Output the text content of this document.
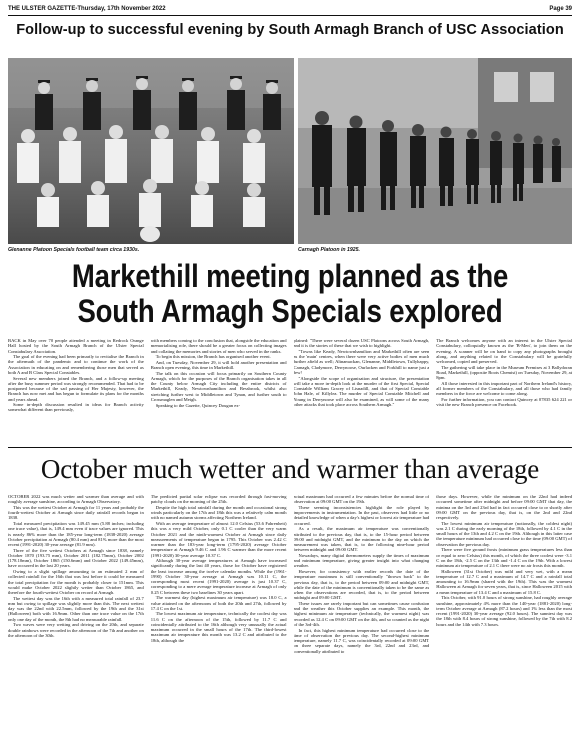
THE ULSTER GAZETTE-Thursday, 17th November 2022	Page 39
Follow-up to successful evening by South Armagh Branch of USC Association
Glenanne Platoon Specials football team circa 1930s.	Carnagh Platoon in 1925.
Markethill meeting planned as the
South Armagh Specials explored

BACK in May over 70 people attended a meeting in Redrock Orange Hall hosted by the South Armagh Branch of the Ulster Special Constabulary Association.

The goal of the evening had been primarily to revitalise the Branch in the aftermath of the pandemic and to continue the work of the Association in educating on and remembering those men that served as both A and B Class Special Constables.

Several new members joined the Branch, and a follow-up meeting after the busy summer period was strongly recommended. That had to be postponed because of the sad passing of Her Majesty, however, the Branch has now met and has begun to formulate its plans for the months and years ahead.

Some in-depth discussion resulted in ideas for Branch activity somewhat different than previously,

with members coming to the conclusion that, alongside the education and memorialising role, there should be a greater focus on collecting images and collating the memories and stories of men who served in the ranks.

To begin this mission, the Branch has organised another event.

And, on Tuesday, November 29, it will hold another presentation and Branch open evening, this time in Markethill.

The talk on this occasion will focus primarily on Southern County Armagh, which for the purposes of the Branch organisation takes in all the County below Armagh City including the entire districts of Markethill, Keady, Newtownhamilton and Bessbrook, whilst also stretching further west to Middletown and Tynan, and further south to Crossmaglen and Meigh.

Speaking to the Gazette, Quincey Dougan ex-

plained: "There were several dozen USC Platoons across South Armagh, and it is the stories of these that we wish to highlight.

"Towns like Keady, Newtownhamilton and Markethill often are seen as the 'main' centres, when there were very active bodies of men much further afield as well; Altnamackan, Glenanne, Middletown, Tullyhappy, Carnagh, Cladymore, Derrynoose, Ourlacken and Forkhill to name just a few!

"Alongside the scope of organisation and structure, the presentation will take a more in-depth look at the murder of the first Special, Special Constable William Gracey of Lisnadill, and that of Special Constable John Hale, of Killylea. The murder of Special Constable Mitchell and Young in Derrynoose will also be examined, as will some of the many other attacks that took place across Southern Armagh."

The Branch welcomes anyone with an interest in the Ulster Special Constabulary, colloquially known as the 'B-Men', to join them on the evening. A scanner will be on hand to copy any photographs brought along, and anything related to the Constabulary will be gratefully welcomed, copied and preserved.

The gathering will take place in the Museum Premises at 3 Ballydoran Road, Markethill, (opposite Boots Chemist) on Tuesday, November 29, at 8pm.

All those interested in this important part of Northern Ireland's history, all former members of the Constabulary, and all those who had family members in the force are welcome to come along.

For further information, you can contact Quincey at 07835 624 221 or visit the new Branch presence on Facebook.

October much wetter and warmer than average

OCTOBER 2022 was much wetter and warmer than average and with roughly average sunshine, according to Armagh Observatory.

This was the wettest October at Armagh for 11 years and probably the fourth-wettest October at Armagh since daily rainfall records began in 1838.

Total measured precipitation was 149.45 mm (5.88 inches; including one trace value), that is, 149.4 mm even if trace values are ignored. This is nearly 86% more than the 185-year long-term (1838-2020) average October precipitation at Armagh (80.4 mm) and 81% more than the most recent (1991-2020) 30-year average (81.9 mm).

Three of the five wettest Octobers at Armagh since 1838, namely October 1870 (193.75 mm), October 2011 (182.75mm), October 2002 (178.10mm), October 1865 (150.6mm) and October 2022 (149.45mm), have occurred in the last 20 years.

Owing to a slight spillage amounting to an estimated 2 mm of collected rainfall for the 16th that was lost before it could be measured the total precipitation for the month is probably closer to 151mm. This would make October 2022 slightly wetter than October 1865, and therefore the fourth-wettest October on record at Armagh.

The wettest day was the 16th with a measured total rainfall of 23.7 mm but owing to spillage was slightly more than this. The next wettest day was the 22nd with 22.5mm, followed by the 19th and the 31st (Halloween) both with 16.9mm. Other than one trace value on the 17th only one day of the month, the 8th had no measurable rainfall.

Two waves were very wetting and driving on the 20th, and separate double rainbows were recorded in the afternoon of the 7th and another on the afternoon of the 30th.

The predicted partial solar eclipse was recorded through fast-moving patchy clouds on the morning of the 25th.

Despite the high total rainfall during the month and occasional strong winds particularly on the 17th and 18th this was a relatively calm month with no named autumn storms affecting Northern Ireland.

With an average temperature of almost 12.0 Celsius (53.6 Fahrenheit) this was a very mild October, only 0.1 C cooler than the very warm October 2021 and the ninth-warmest October at Armagh since daily measurements of temperature began in 1795. This October was 2.42 C warmer than the 183-year long-term (1795-2020) average October temperature at Armagh 9.46 C and 1.96 C warmer than the more recent (1991-2020) 30-year average 10.37 C.

Although 30-year average temperatures at Armagh have increased significantly during the last 40 years, those for October have registered the least increase among the twelve calendar months. While the (1961-1990) October 30-year average at Armagh was 10.11 C, the corresponding most recent (1991-2020) average is just 10.37 C, corresponding to a mere average temperature increase at Armagh of only 0.25 C between these two baselines 30 years apart.

The warmest day (highest maximum air temperature) was 18.0 C, a value attained on the afternoons of both the 20th and 27th, followed by 17.4 C on the 1st.

The lowest maximum air temperature, technically the coolest day was 11.6 C on the afternoon of the 15th, followed by 11.7 C and coincidentally attributed to the 16th although very unusually the actual maximum occurred in the small hours of the 17th. The third-lowest maximum air temperature this month was 13.2 C and attributed to the 18th, although the

actual maximum had occurred a few minutes before the normal time of observation at 09:00 GMT on the 19th.

These seeming inconsistencies highlight the role played by improvements in instrumentation. In the past, observers had little or no detailed knowledge of when a day's highest or lowest air temperature had occurred.

As a result, the maximum air temperature was conventionally attributed to the previous day, that is, to the 15-hour period between 09:00 and midnight GMT, and the minimum to the day on which the measurement was taken, that is, to the following nine-hour period between midnight and 09:00 GMT.

Nowadays, many digital thermometers supply the times of maximum and minimum temperature, giving greater insight into what changing weather.

However, for consistency with earlier records the date of the temperature maximum is still conventionally "thrown back" to the previous day, that is, to the period between 09:00 and midnight GMT, while the date of the minimum is conventionally taken to be the same as when the observations are recorded, that is, to the period between midnight and 09:00 GMT.

These issues are rarely important but can sometimes cause confusion and the weather this October supplies an example. This month, the highest minimum air temperature (technically, the warmest night) was recorded as 12.4 C on 09:00 GMT on the 4th, and so counted as the night of the 3rd-4th.

In fact, this highest minimum temperature had occurred close to the time of observation the previous day. The second-highest minimum temperature, namely 11.7 C, was coincidentally recorded at 09:00 GMT on three separate days, namely the 3rd, 22nd and 23rd, and conventionally attributed to

those days. However, while the minimum on the 22nd had indeed occurred sometime after midnight and before 09:00 GMT that day, the minima on the 3rd and 23rd had in fact occurred close to or shortly after 09:00 GMT on the previous day, that is, on the 2nd and 22nd respectively.

The lowest minimum air temperature (notionally, the coldest night) was 2.1 C during the early morning of the 18th, followed by 4.1 C in the small hours of the 13th and 4.2 C on the 19th. Although in this latter case the temperature minimum had occurred close to the time (09:00 GMT) of observation the previous day.

There were five ground frosts (minimum grass temperatures less than or equal to zero Celsius) this month, of which the three coolest were -3.1 C on the 18th, -2.5 C on the 13th and -1.4 C on the 19th. With a lowest minimum air temperature of 2.1 C there were no air frosts this month.

Halloween (31st October) was mild and very wet, with a mean temperature of 12.7 C and a maximum of 14.7 C and a rainfall total amounting to 16.9mm (shared with the 19th). This was the warmest Halloween at Armagh for seven years, that is, since Halloween 2015 with a mean temperature of 13.4 C and a maximum of 15.8 C.

This October, with 91.0 hours of strong sunshine, had roughly average sunshine, approximately 4% more than the 140-year (1881-2020) long-term October average at Armagh (87.2 hours) and 1% less than the most recent (1991-2020) 30-year average (92.0 hours). The sunniest day was the 18th with 8.4 hours of strong sunshine, followed by the 7th with 8.2 hours and the 14th with 7.3 hours.
